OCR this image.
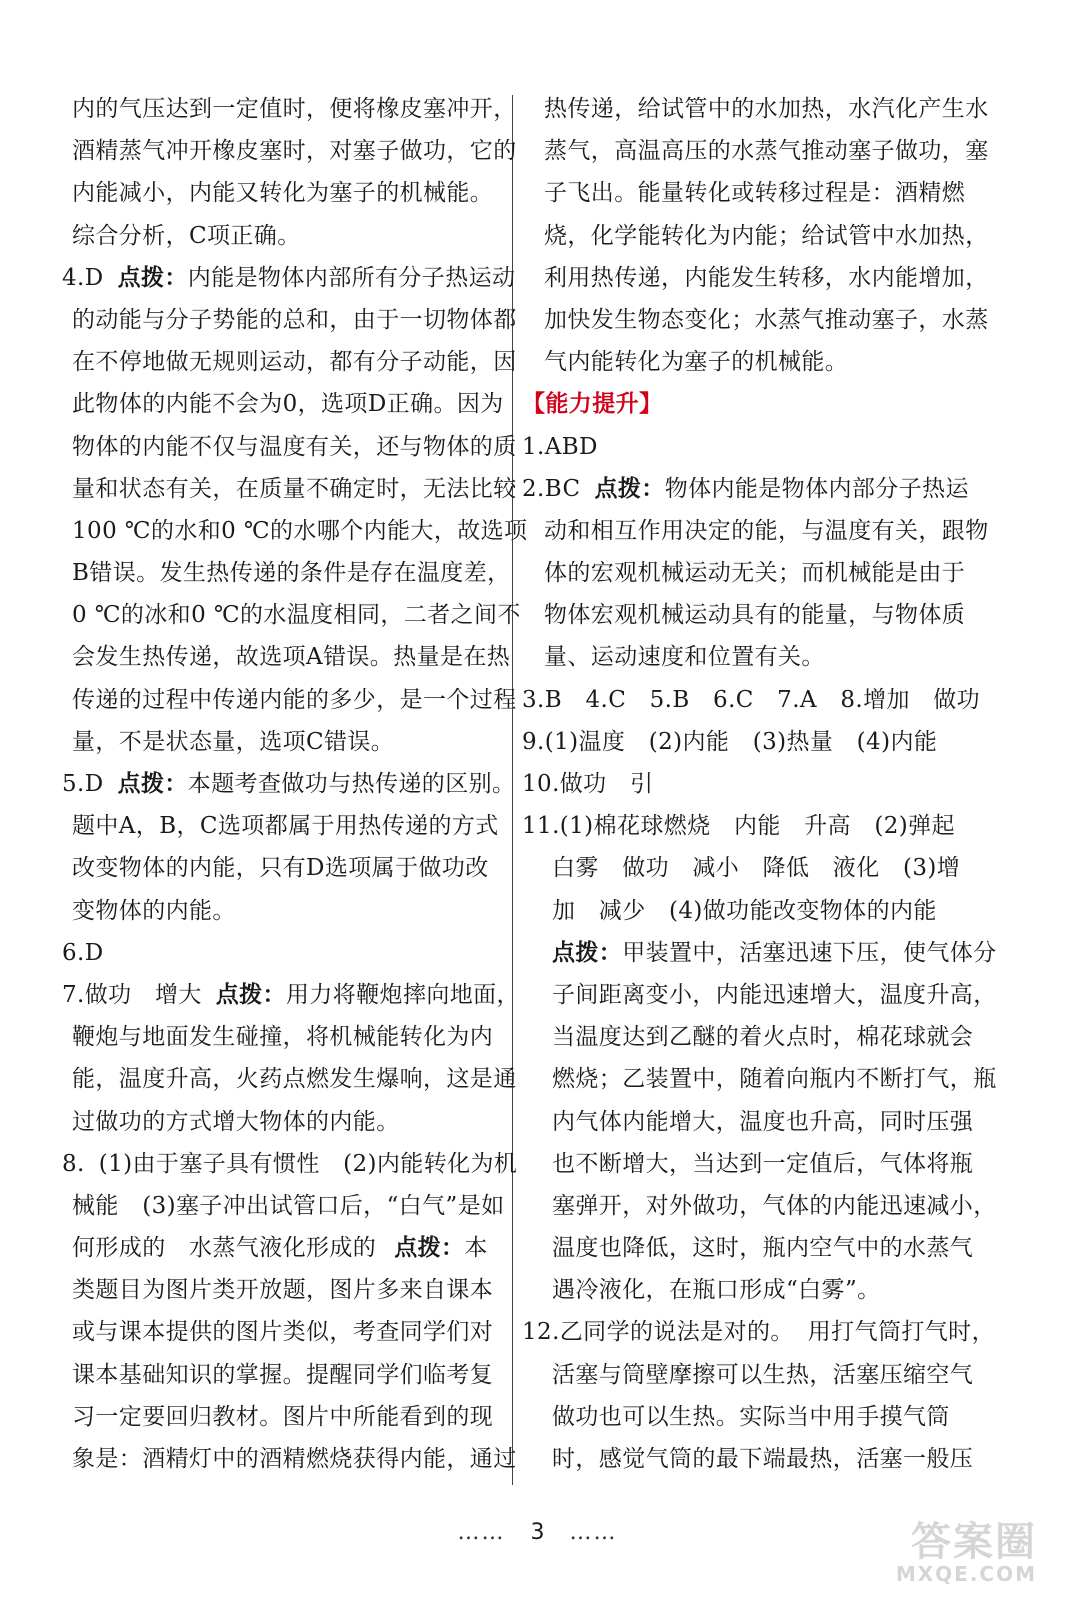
内的气压达到一定值时，便将橡皮塞冲开，
酒精蒸气冲开橡皮塞时，对塞子做功，它的
内能减小，内能又转化为塞子的机械能。
综合分析，C项正确。
4.D 点拨：内能是物体内部所有分子热运动
的动能与分子势能的总和，由于一切物体都
在不停地做无规则运动，都有分子动能，因
此物体的内能不会为0，选项D正确。因为
物体的内能不仅与温度有关，还与物体的质
量和状态有关，在质量不确定时，无法比较
100 ℃的水和0 ℃的水哪个内能大，故选项
B错误。发生热传递的条件是存在温度差，
0 ℃的冰和0 ℃的水温度相同，二者之间不
会发生热传递，故选项A错误。热量是在热
传递的过程中传递内能的多少，是一个过程
量，不是状态量，选项C错误。
5.D 点拨：本题考查做功与热传递的区别。
题中A，B，C选项都属于用热传递的方式
改变物体的内能，只有D选项属于做功改
变物体的内能。
6.D
7.做功　增大 点拨：用力将鞭炮摔向地面，
鞭炮与地面发生碰撞，将机械能转化为内
能，温度升高，火药点燃发生爆响，这是通
过做功的方式增大物体的内能。
8. (1)由于塞子具有惯性　(2)内能转化为机
械能　(3)塞子冲出试管口后，“白气”是如
何形成的　水蒸气液化形成的 点拨：本
类题目为图片类开放题，图片多来自课本
或与课本提供的图片类似，考查同学们对
课本基础知识的掌握。提醒同学们临考复
习一定要回归教材。图片中所能看到的现
象是：酒精灯中的酒精燃烧获得内能，通过
热传递，给试管中的水加热，水汽化产生水
蒸气，高温高压的水蒸气推动塞子做功，塞
子飞出。能量转化或转移过程是：酒精燃
烧，化学能转化为内能；给试管中水加热，
利用热传递，内能发生转移，水内能增加，
加快发生物态变化；水蒸气推动塞子，水蒸
气内能转化为塞子的机械能。
【能力提升】
1.ABD
2.BC 点拨：物体内能是物体内部分子热运
动和相互作用决定的能，与温度有关，跟物
体的宏观机械运动无关；而机械能是由于
物体宏观机械运动具有的能量，与物体质
量、运动速度和位置有关。
3.B　4.C　5.B　6.C　7.A　8.增加　做功
9.(1)温度　(2)内能　(3)热量　(4)内能
10.做功　引
11.(1)棉花球燃烧　内能　升高　(2)弹起
白雾　做功　减小　降低　液化　(3)增
加　减少　(4)做功能改变物体的内能
点拨：甲装置中，活塞迅速下压，使气体分
子间距离变小，内能迅速增大，温度升高，
当温度达到乙醚的着火点时，棉花球就会
燃烧；乙装置中，随着向瓶内不断打气，瓶
内气体内能增大，温度也升高，同时压强
也不断增大，当达到一定值后，气体将瓶
塞弹开，对外做功，气体的内能迅速减小，
温度也降低，这时，瓶内空气中的水蒸气
遇冷液化，在瓶口形成“白雾”。
12.乙同学的说法是对的。 用打气筒打气时，
活塞与筒壁摩擦可以生热，活塞压缩空气
做功也可以生热。实际当中用手摸气筒
时，感觉气筒的最下端最热，活塞一般压
…… 3 ……	答案圈
MXQE.COM
